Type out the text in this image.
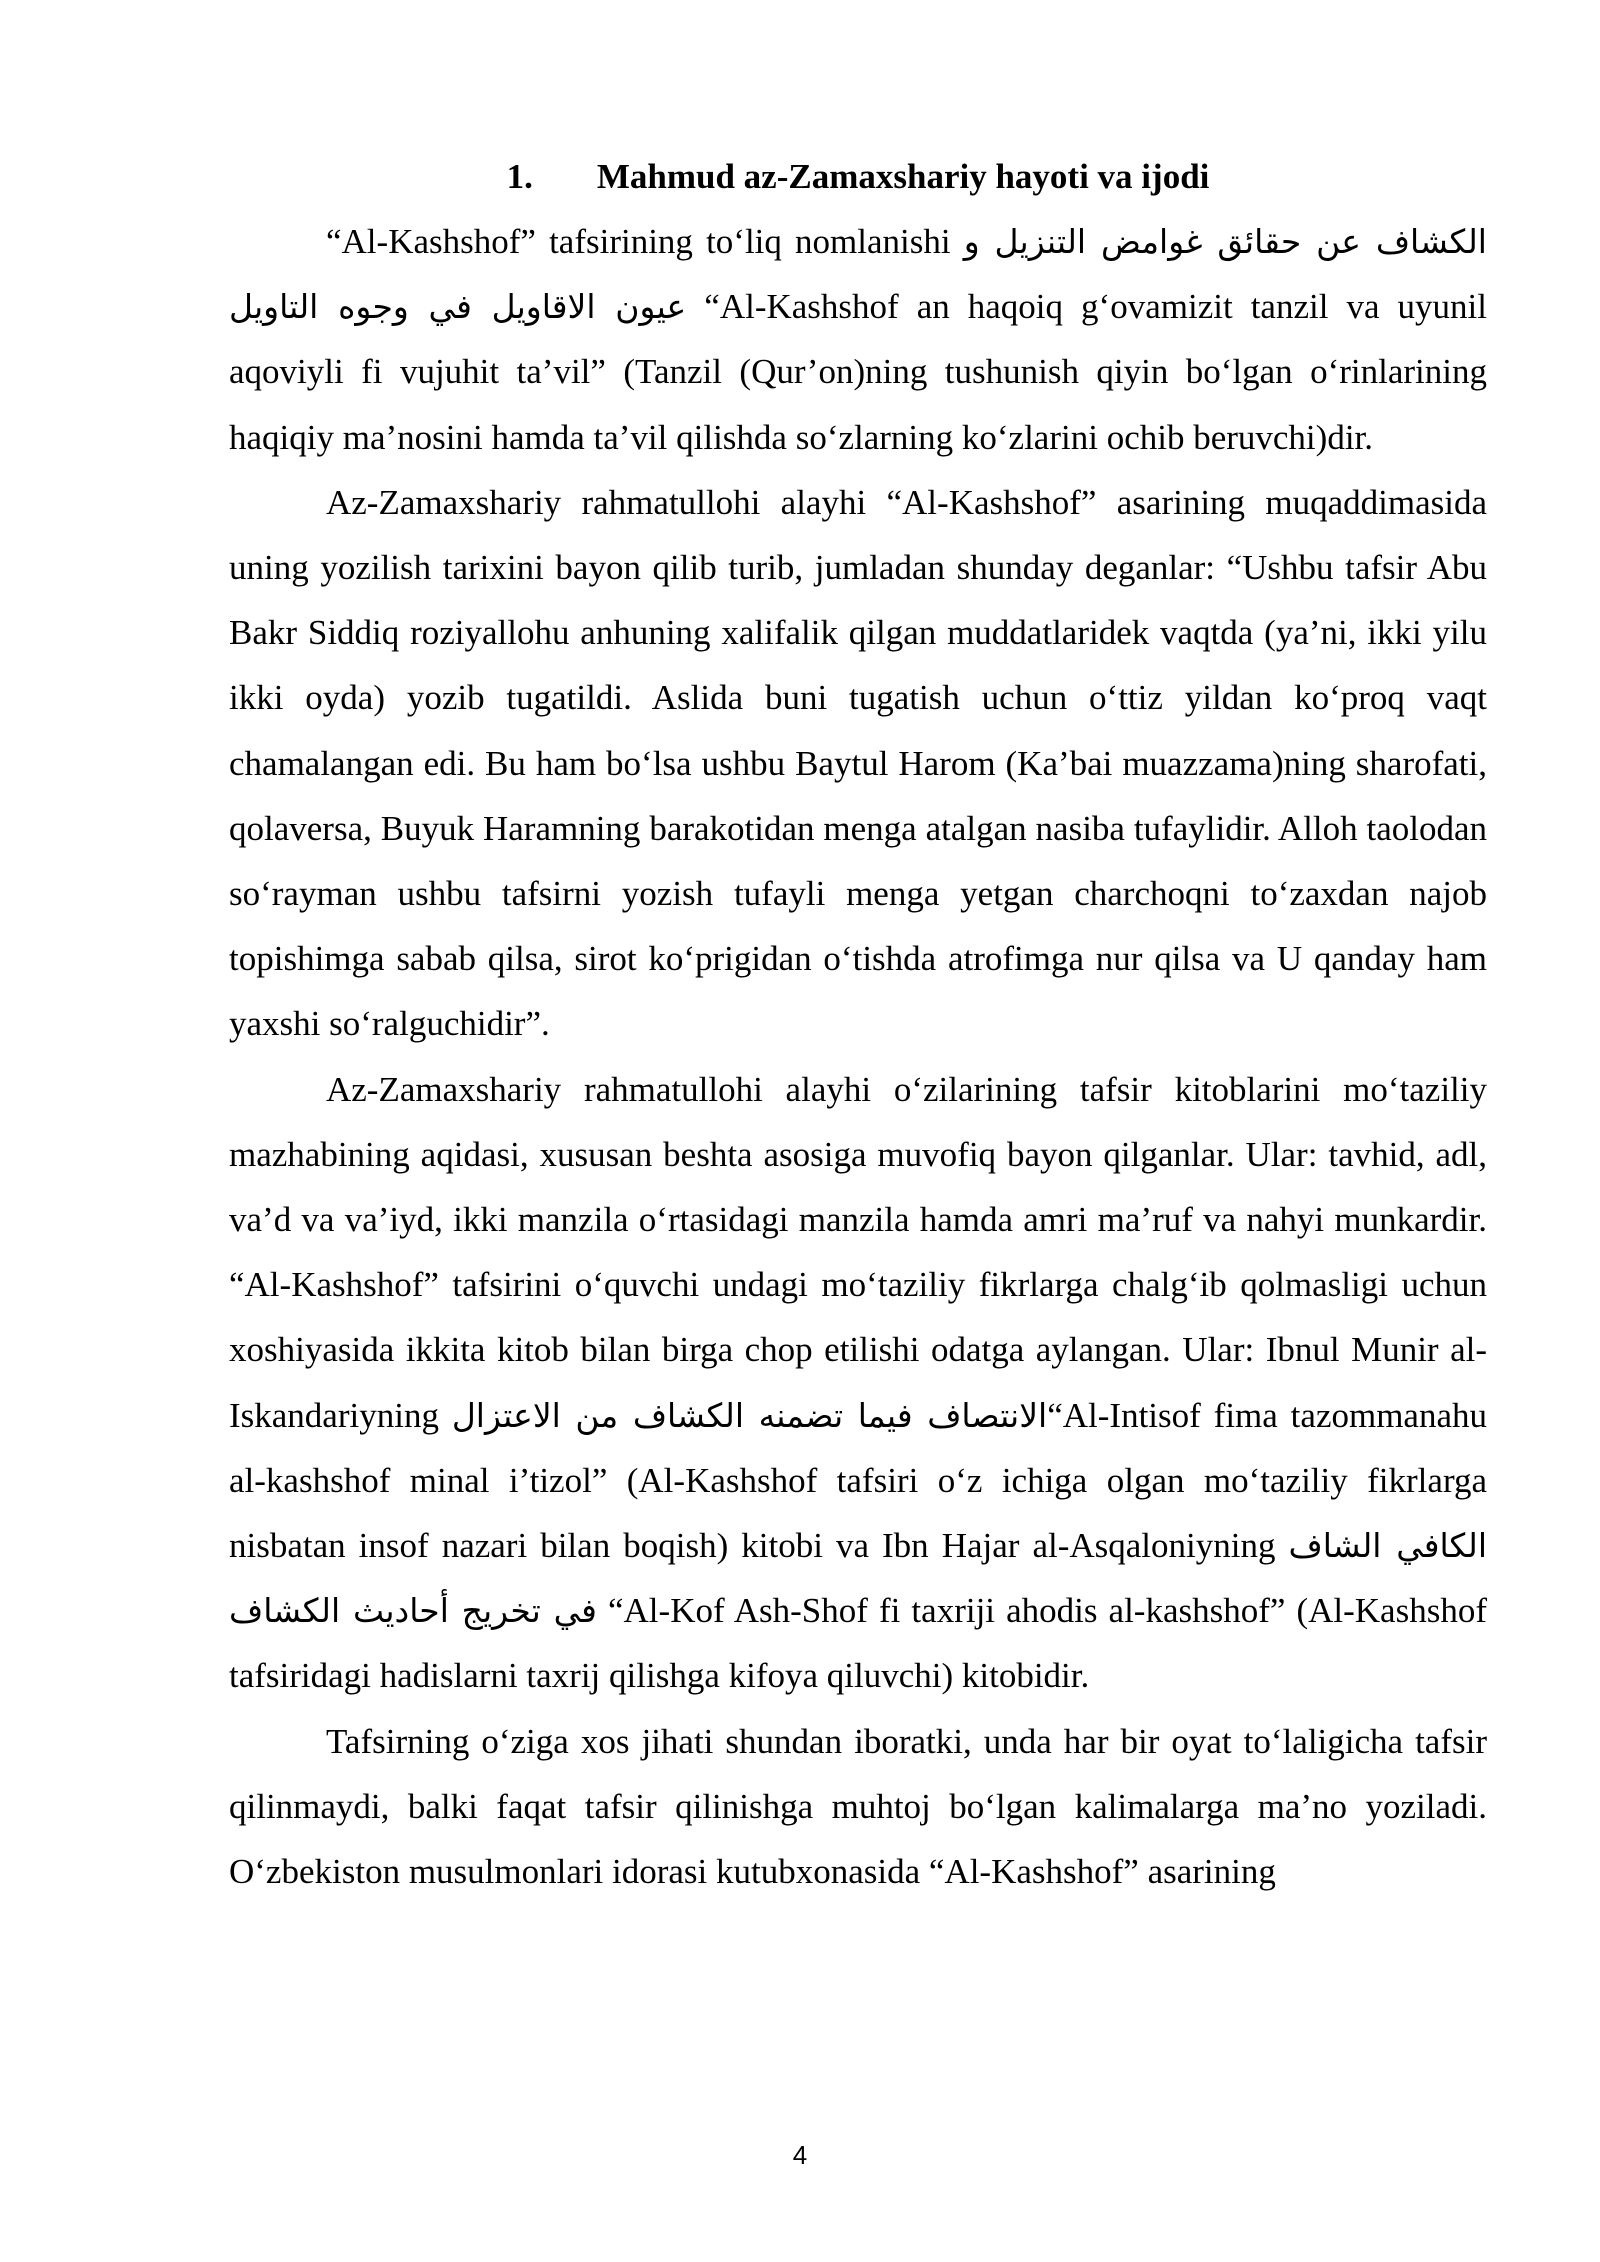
1. Mahmud az-Zamaxshariy hayoti va ijodi

“Al-Kashshof” tafsirining to‘liq nomlanishi الكشاف عن حقائق غوامض التنزيل و عيون الاقاويل في وجوه التاويل “Al-Kashshof an haqoiq g‘ovamizit tanzil va uyunil aqoviyli fi vujuhit ta’vil” (Tanzil (Qur’on)ning tushunish qiyin bo‘lgan o‘rinlarining haqiqiy ma’nosini hamda ta’vil qilishda so‘zlarning ko‘zlarini ochib beruvchi)dir.

Az-Zamaxshariy rahmatullohi alayhi “Al-Kashshof” asarining muqaddimasida uning yozilish tarixini bayon qilib turib, jumladan shunday deganlar: “Ushbu tafsir Abu Bakr Siddiq roziyallohu anhuning xalifalik qilgan muddatlaridek vaqtda (ya’ni, ikki yilu ikki oyda) yozib tugatildi. Aslida buni tugatish uchun o‘ttiz yildan ko‘proq vaqt chamalangan edi. Bu ham bo‘lsa ushbu Baytul Harom (Ka’bai muazzama)ning sharofati, qolaversa, Buyuk Haramning barakotidan menga atalgan nasiba tufaylidir. Alloh taolodan so‘rayman ushbu tafsirni yozish tufayli menga yetgan charchoqni to‘zaxdan najob topishimga sabab qilsa, sirot ko‘prigidan o‘tishda atrofimga nur qilsa va U qanday ham yaxshi so‘ralguchidir”.

Az-Zamaxshariy rahmatullohi alayhi o‘zilarining tafsir kitoblarini mo‘taziliy mazhabining aqidasi, xususan beshta asosiga muvofiq bayon qilganlar. Ular: tavhid, adl, va’d va va’iyd, ikki manzila o‘rtasidagi manzila hamda amri ma’ruf va nahyi munkardir. “Al-Kashshof” tafsirini o‘quvchi undagi mo‘taziliy fikrlarga chalg‘ib qolmasligi uchun xoshiyasida ikkita kitob bilan birga chop etilishi odatga aylangan. Ular: Ibnul Munir al-Iskandariyning الانتصاف فيما تضمنه الكشاف من الاعتزال“Al-Intisof fima tazommanahu al-kashshof minal i’tizol” (Al-Kashshof tafsiri o‘z ichiga olgan mo‘taziliy fikrlarga nisbatan insof nazari bilan boqish) kitobi va Ibn Hajar al-Asqaloniyning الكافي الشاف في تخريج أحاديث الكشاف “Al-Kof Ash-Shof fi taxriji ahodis al-kashshof” (Al-Kashshof tafsiridagi hadislarni taxrij qilishga kifoya qiluvchi) kitobidir.

Tafsirning o‘ziga xos jihati shundan iboratki, unda har bir oyat to‘laligicha tafsir qilinmaydi, balki faqat tafsir qilinishga muhtoj bo‘lgan kalimalarga ma’no yoziladi. O‘zbekiston musulmonlari idorasi kutubxonasida “Al-Kashshof” asarining

4
